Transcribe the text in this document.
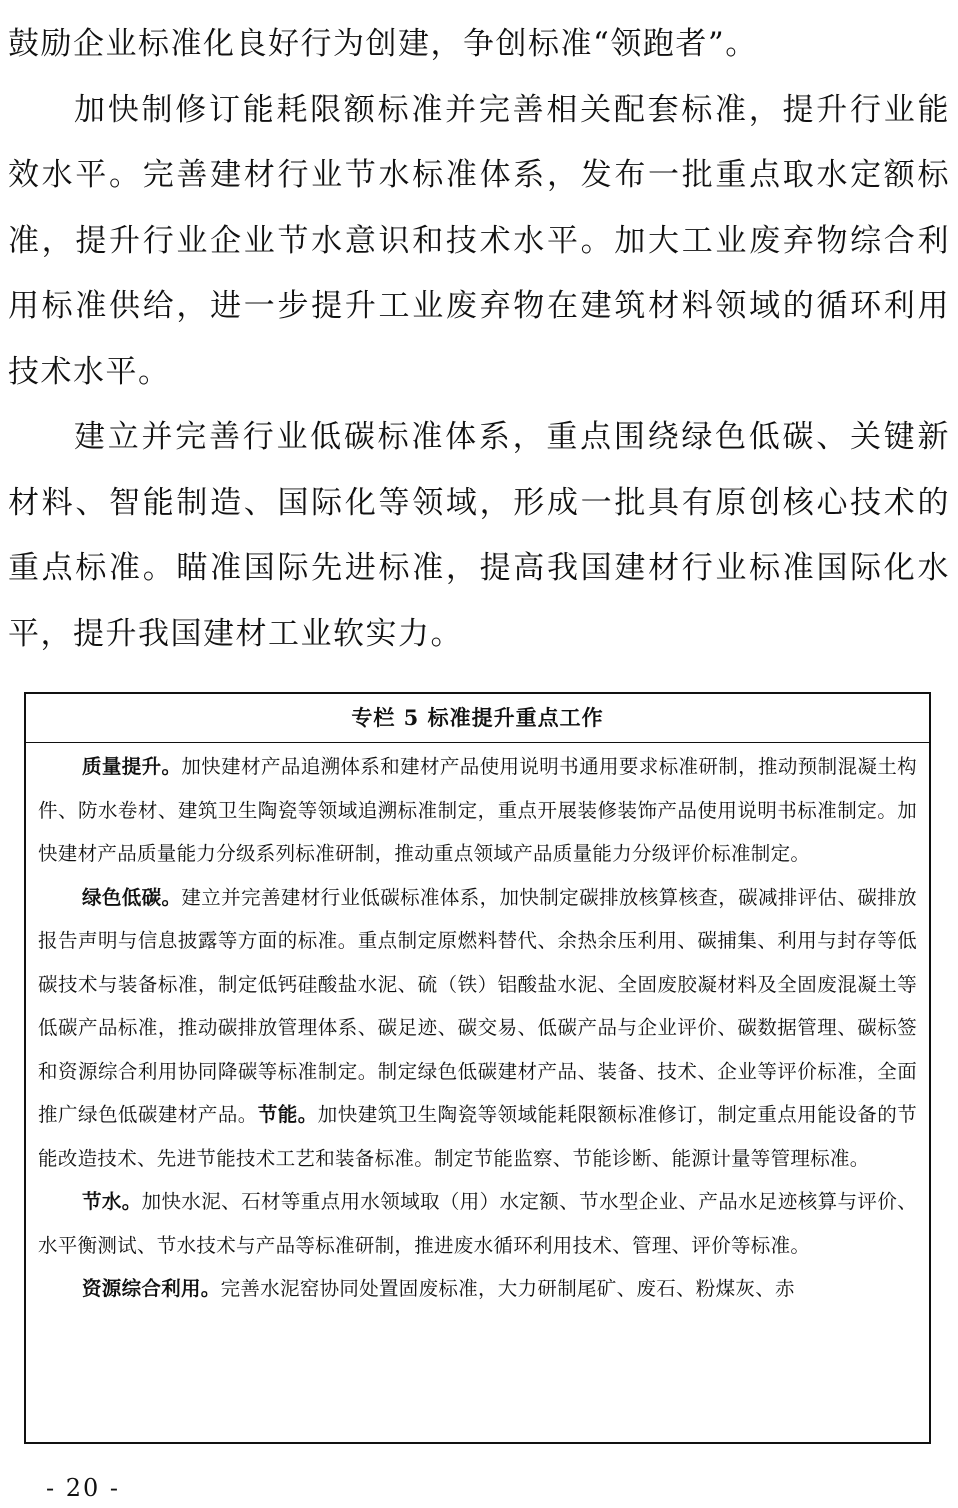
鼓励企业标准化良好行为创建，争创标准“领跑者”。

加快制修订能耗限额标准并完善相关配套标准，提升行业能效水平。完善建材行业节水标准体系，发布一批重点取水定额标准，提升行业企业节水意识和技术水平。加大工业废弃物综合利用标准供给，进一步提升工业废弃物在建筑材料领域的循环利用技术水平。

建立并完善行业低碳标准体系，重点围绕绿色低碳、关键新材料、智能制造、国际化等领域，形成一批具有原创核心技术的重点标准。瞄准国际先进标准，提高我国建材行业标准国际化水平，提升我国建材工业软实力。

专栏 5 标准提升重点工作

质量提升。加快建材产品追溯体系和建材产品使用说明书通用要求标准研制，推动预制混凝土构件、防水卷材、建筑卫生陶瓷等领域追溯标准制定，重点开展装修装饰产品使用说明书标准制定。加快建材产品质量能力分级系列标准研制，推动重点领域产品质量能力分级评价标准制定。

绿色低碳。建立并完善建材行业低碳标准体系，加快制定碳排放核算核查，碳减排评估、碳排放报告声明与信息披露等方面的标准。重点制定原燃料替代、余热余压利用、碳捕集、利用与封存等低碳技术与装备标准，制定低钙硅酸盐水泥、硫（铁）铝酸盐水泥、全固废胶凝材料及全固废混凝土等低碳产品标准，推动碳排放管理体系、碳足迹、碳交易、低碳产品与企业评价、碳数据管理、碳标签和资源综合利用协同降碳等标准制定。制定绿色低碳建材产品、装备、技术、企业等评价标准，全面推广绿色低碳建材产品。节能。加快建筑卫生陶瓷等领域能耗限额标准修订，制定重点用能设备的节能改造技术、先进节能技术工艺和装备标准。制定节能监察、节能诊断、能源计量等管理标准。

节水。加快水泥、石材等重点用水领域取（用）水定额、节水型企业、产品水足迹核算与评价、水平衡测试、节水技术与产品等标准研制，推进废水循环利用技术、管理、评价等标准。

资源综合利用。完善水泥窑协同处置固废标准，大力研制尾矿、废石、粉煤灰、赤

- 20 -
